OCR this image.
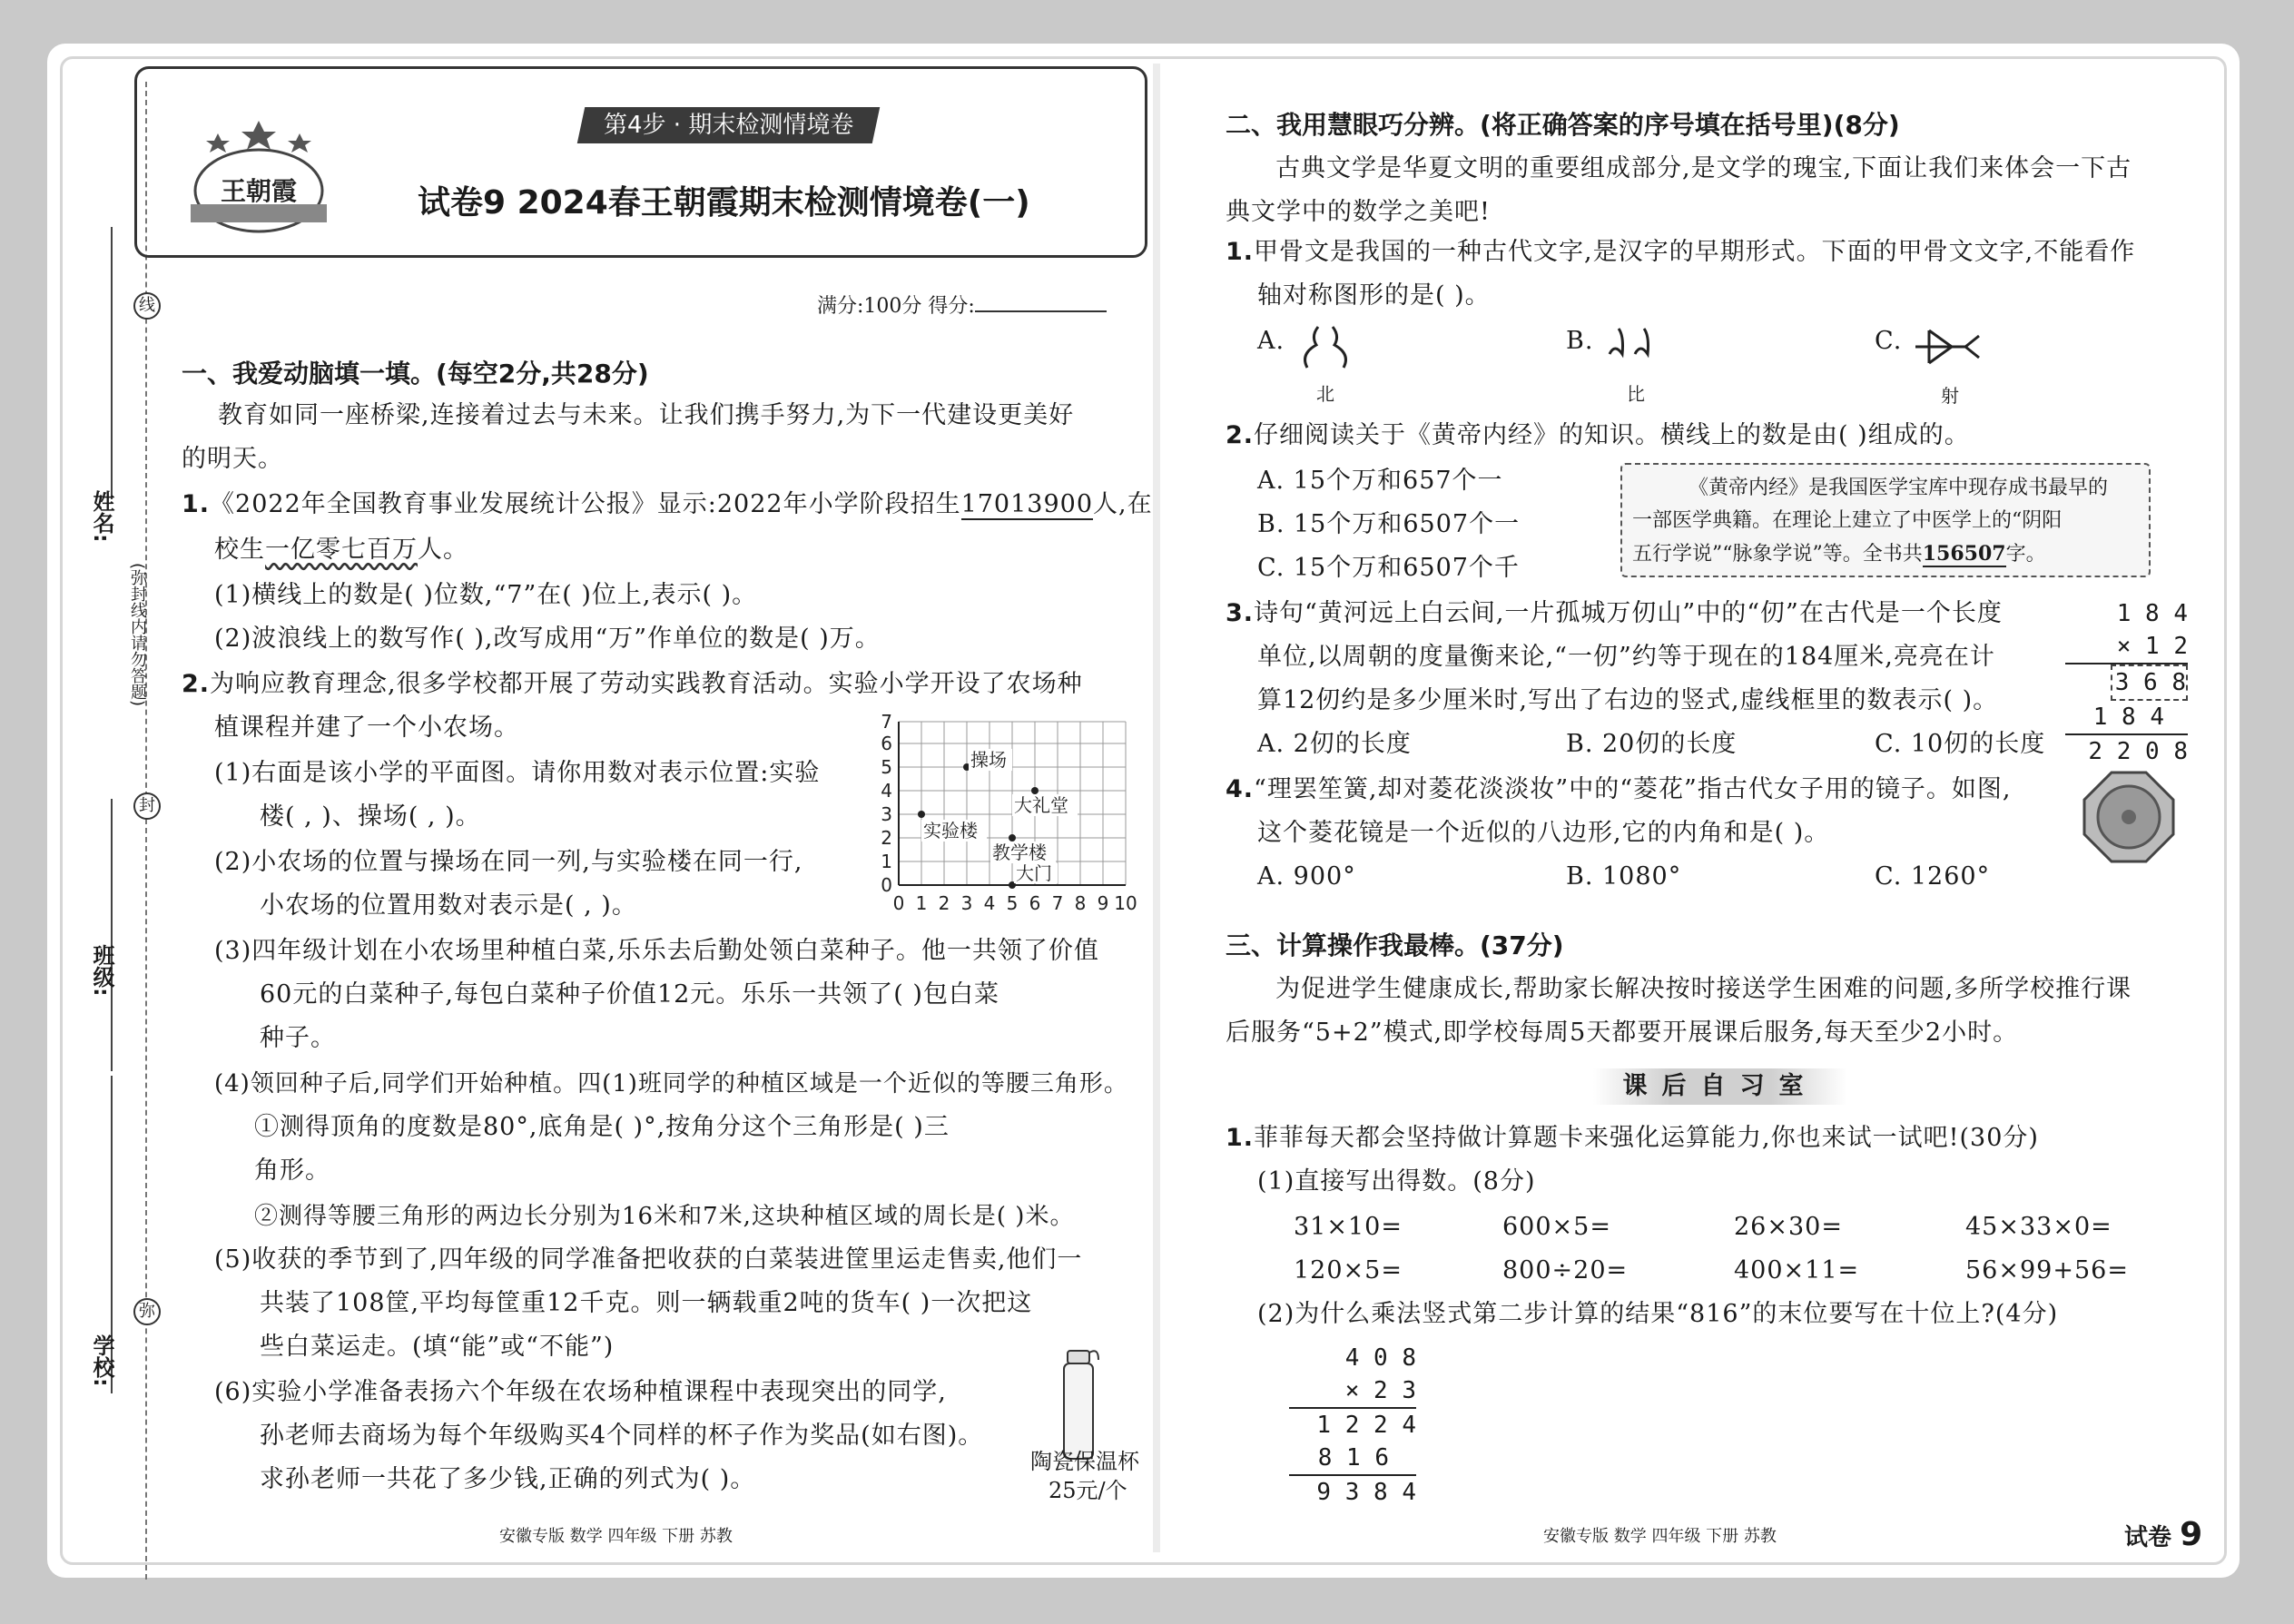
姓名:
班级:
学校:
(弥封线内请勿答题)
线
封
弥
王朝霞
第4步 · 期末检测情境卷
试卷9 2024春王朝霞期末检测情境卷(一)
满分:100分 得分:
一、我爱动脑填一填。(每空2分,共28分)
教育如同一座桥梁,连接着过去与未来。让我们携手努力,为下一代建设更美好
的明天。
1.《2022年全国教育事业发展统计公报》显示:2022年小学阶段招生17013900人,在
校生一亿零七百万人。
(1)横线上的数是( )位数,“7”在( )位上,表示( )。
(2)波浪线上的数写作( ),改写成用“万”作单位的数是( )万。
2.为响应教育理念,很多学校都开展了劳动实践教育活动。实验小学开设了农场种
植课程并建了一个小农场。
(1)右面是该小学的平面图。请你用数对表示位置:实验
楼( , )、操场( , )。
(2)小农场的位置与操场在同一列,与实验楼在同一行,
小农场的位置用数对表示是( , )。	0 1 2 3 4 5 6 7 8 9 10
0
1
2
3
4
5
6
7
操场
大礼堂
实验楼
教学楼
大门
(3)四年级计划在小农场里种植白菜,乐乐去后勤处领白菜种子。他一共领了价值
60元的白菜种子,每包白菜种子价值12元。乐乐一共领了( )包白菜
种子。
(4)领回种子后,同学们开始种植。四(1)班同学的种植区域是一个近似的等腰三角形。
①测得顶角的度数是80°,底角是( )°,按角分这个三角形是( )三
角形。
②测得等腰三角形的两边长分别为16米和7米,这块种植区域的周长是( )米。
(5)收获的季节到了,四年级的同学准备把收获的白菜装进筐里运走售卖,他们一
共装了108筐,平均每筐重12千克。则一辆载重2吨的货车( )一次把这
些白菜运走。(填“能”或“不能”)
(6)实验小学准备表扬六个年级在农场种植课程中表现突出的同学,
孙老师去商场为每个年级购买4个同样的杯子作为奖品(如右图)。
求孙老师一共花了多少钱,正确的列式为( )。
陶瓷保温杯
25元/个
安徽专版 数学 四年级 下册 苏教
二、我用慧眼巧分辨。(将正确答案的序号填在括号里)(8分)
古典文学是华夏文明的重要组成部分,是文学的瑰宝,下面让我们来体会一下古
典文学中的数学之美吧!
1.甲骨文是我国的一种古代文字,是汉字的早期形式。下面的甲骨文文字,不能看作
轴对称图形的是( )。
A.	B.	C.
北	比	射
2.仔细阅读关于《黄帝内经》的知识。横线上的数是由( )组成的。
A. 15个万和657个一
B. 15个万和6507个一
C. 15个万和6507个千
《黄帝内经》是我国医学宝库中现存成书最早的
一部医学典籍。在理论上建立了中医学上的“阴阳
五行学说”“脉象学说”等。全书共156507字。
3.诗句“黄河远上白云间,一片孤城万仞山”中的“仞”在古代是一个长度
单位,以周朝的度量衡来论,“一仞”约等于现在的184厘米,亮亮在计
算12仞约是多少厘米时,写出了右边的竖式,虚线框里的数表示( )。
A. 2仞的长度	B. 20仞的长度	C. 10仞的长度
1 8 4
× 1 2
3 6 8
1 8 4
2 2 0 8
4.“理罢笙簧,却对菱花淡淡妆”中的“菱花”指古代女子用的镜子。如图,
这个菱花镜是一个近似的八边形,它的内角和是( )。
A. 900°	B. 1080°	C. 1260°
三、计算操作我最棒。(37分)
为促进学生健康成长,帮助家长解决按时接送学生困难的问题,多所学校推行课
后服务“5+2”模式,即学校每周5天都要开展课后服务,每天至少2小时。
课后自习室
1.菲菲每天都会坚持做计算题卡来强化运算能力,你也来试一试吧!(30分)
(1)直接写出得数。(8分)
31×10=	600×5=	26×30=	45×33×0=
120×5=	800÷20=	400×11=	56×99+56=
(2)为什么乘法竖式第二步计算的结果“816”的末位要写在十位上?(4分)
4 0 8
× 2 3
1 2 2 4
8 1 6
9 3 8 4
安徽专版 数学 四年级 下册 苏教	试卷 9
